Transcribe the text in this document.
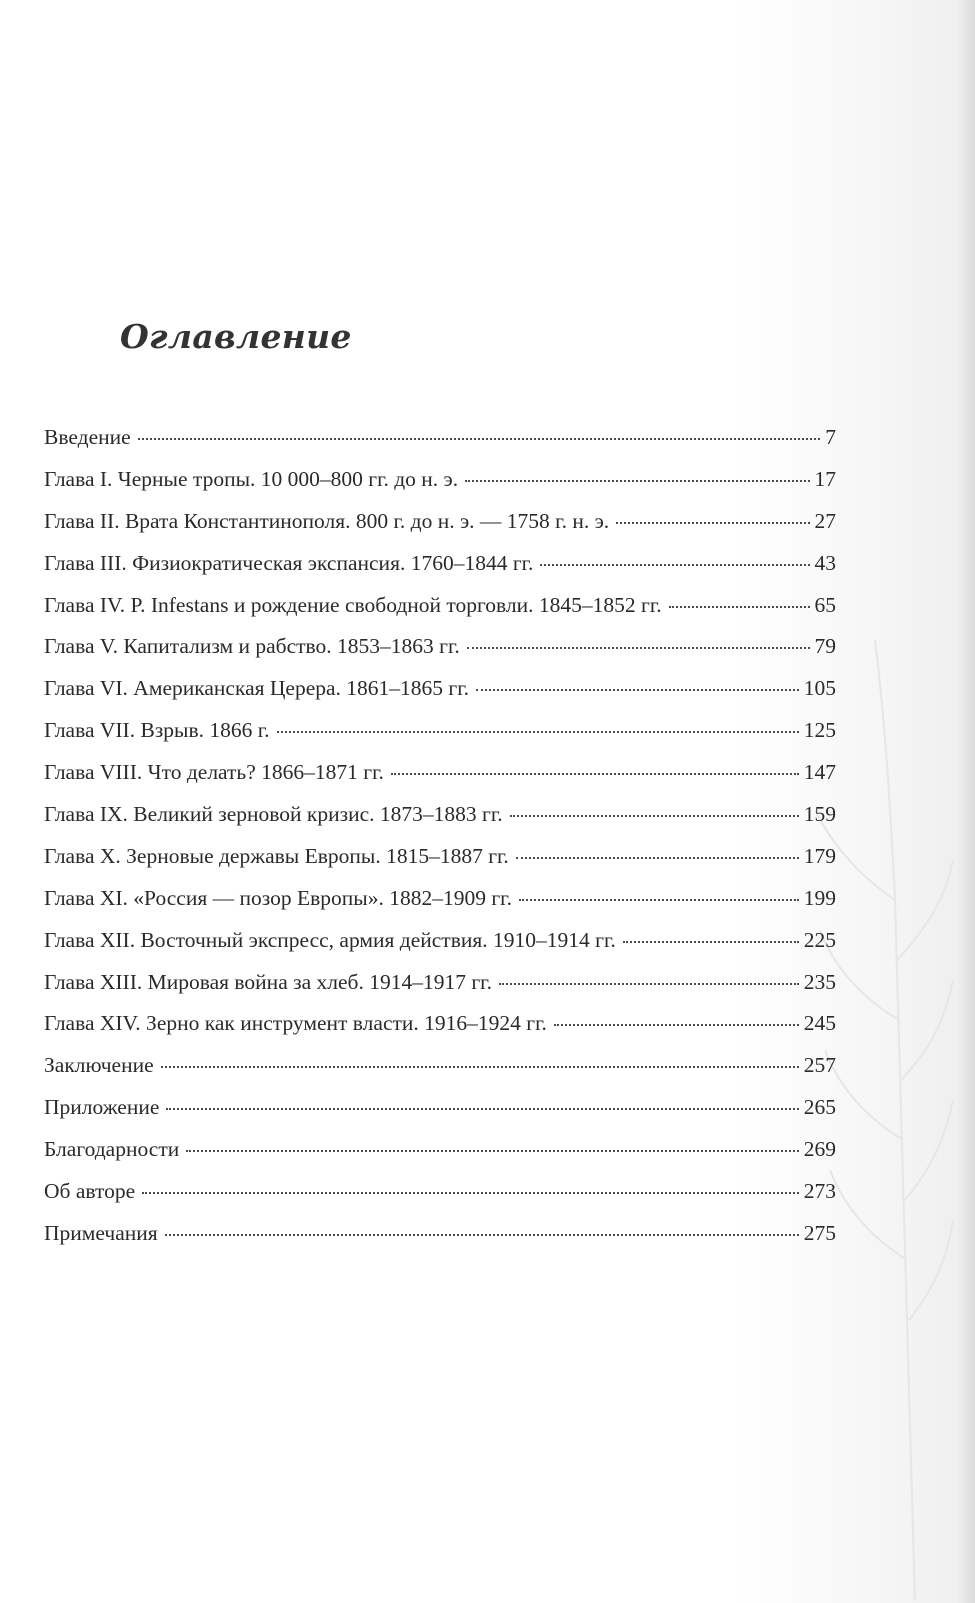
Оглавление
Введение	7
Глава I. Черные тропы. 10 000–800 гг. до н. э.	17
Глава II. Врата Константинополя. 800 г. до н. э. — 1758 г. н. э.	27
Глава III. Физиократическая экспансия. 1760–1844 гг.	43
Глава IV. P. Infestans и рождение свободной торговли. 1845–1852 гг.	65
Глава V. Капитализм и рабство. 1853–1863 гг.	79
Глава VI. Американская Церера. 1861–1865 гг.	105
Глава VII. Взрыв. 1866 г.	125
Глава VIII. Что делать? 1866–1871 гг.	147
Глава IX. Великий зерновой кризис. 1873–1883 гг.	159
Глава X. Зерновые державы Европы. 1815–1887 гг.	179
Глава XI. «Россия — позор Европы». 1882–1909 гг.	199
Глава XII. Восточный экспресс, армия действия. 1910–1914 гг.	225
Глава XIII. Мировая война за хлеб. 1914–1917 гг.	235
Глава XIV. Зерно как инструмент власти. 1916–1924 гг.	245
Заключение	257
Приложение	265
Благодарности	269
Об авторе	273
Примечания	275
